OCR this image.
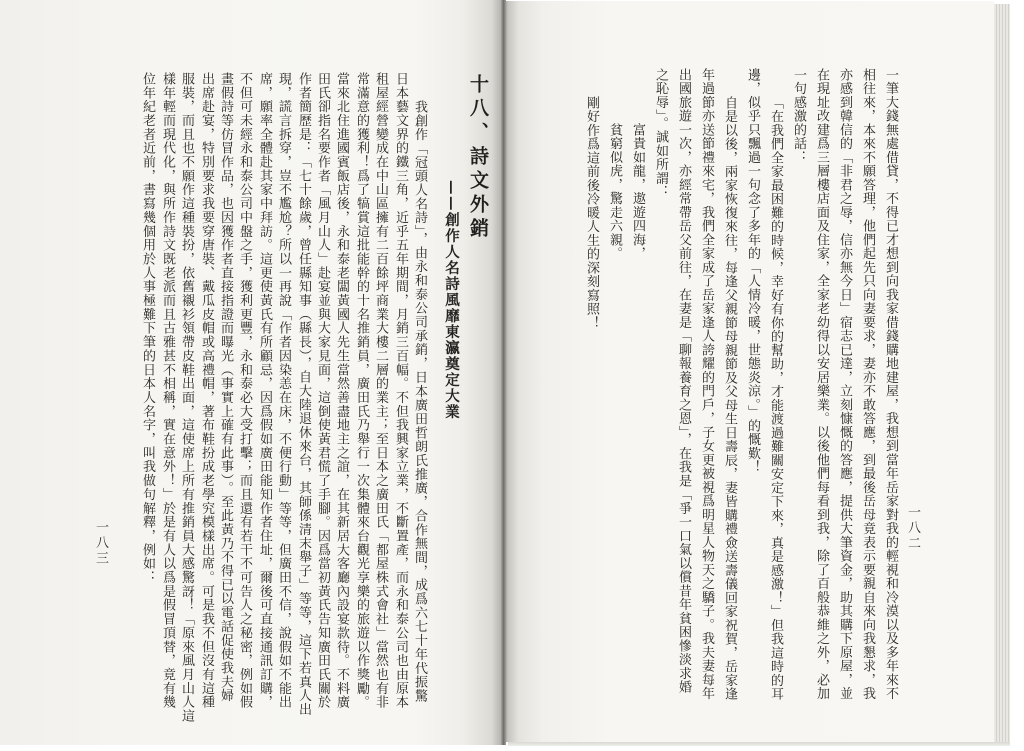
一八二
一筆大錢無處借貸，不得已才想到向我家借錢購地建屋，我想到當年岳家對我的輕視和冷漠以及多年來不
相往來，本來不願答理，他們起先只向妻要求，妻亦不敢答應，到最後岳母竟表示要親自來向我懇求，我
亦感到韓信的「非君之辱，信亦無今日」宿志已達，立刻慷慨的答應，提供大筆資金，助其購下原屋，並
在現址改建爲三層樓店面及住家，全家老幼得以安居樂業。以後他們每看到我，除了百般恭維之外，必加
一句感激的話：
「在我們全家最困難的時候，幸好有你的幫助，才能渡過難關安定下來，真是感激！」但我這時的耳
邊，似乎只飄過一句念了多年的「人情冷暖，世態炎涼。」的慨歎！
自是以後，兩家恢復來往，每逢父親節母親節及父母生日壽辰，妻皆購禮僉送壽儀回家祝賀，岳家逢
年過節亦送節禮來宅，我們全家成了岳家逢人誇耀的門戶，子女更被視爲明星人物天之驕子。我夫妻每年
出國旅遊一次，亦經常帶岳父前往，在妻是「聊報養育之恩」，在我是「爭一口氣以償昔年貧困慘淡求婚
之恥辱」。誠如所謂：
富貴如龍，遨遊四海，
貧窮似虎，驚走六親。
剛好作爲這前後冷暖人生的深刻寫照！
十八、詩文外銷
——創作人名詩風靡東瀛奠定大業
我創作「冠頭人名詩」，由永和泰公司承銷，日本廣田哲朗氏推廣，合作無間，成爲六七十年代振驚
日本藝文界的鐵三角，近乎五年期間，月銷三百幅。不但我興家立業，不斷置產，而永和泰公司也由原本
租屋經營變成在中山區擁有二百餘坪商業大樓二層的業主；至日本之廣田氏「都屋株式會社」當然也有非
常滿意的獲利！爲了犒賞這批能幹的十名推銷員，廣田氏乃舉行一次集體來台觀光享樂的旅遊以作獎勵。
當來北住進國賓飯店後，永和泰老闆黃國人先生當然善盡地主之誼，在其新居大客廳內設宴款待。不料廣
田氏卻指名要作者「風月山人」赴宴並與大家見面，這倒使黃君慌了手腳。因爲當初黃氏告知廣田氏關於
作者簡歷是：「七十餘歲，曾任縣知事（縣長），自大陸退休來台，其師係清末舉子」等等，這下若真人出
現，謊言拆穿，豈不尷尬？所以一再說「作者因染恙在床，不便行動」等等，但廣田不信，說假如不能出
席，願率全體赴其家中拜訪。這更使黃氏有所顧忌，因爲假如廣田能知作者住址，爾後可直接通訊訂購，
不但可未經永和泰公司中盤之手，獲利更豐，永和泰必大受打擊；而且還有若干不可告人之秘密，例如假
畫假詩等仿冒作品，也因獲作者直接指證而曝光（事實上確有此事）。至此黃乃不得已以電話促使我夫婦
出席赴宴，特別要求我要穿唐裝、戴瓜皮帽或高禮帽，著布鞋扮成老學究模樣出席。可是我不但沒有這種
服裝，而且也不願作這種裝扮，依舊襯衫領帶皮鞋出面，這使席上所有推銷員大感驚訝！「原來風月山人這
樣年輕而現代化，與所作詩文既老派而且古雅甚不相稱，實在意外！」於是有人以爲是假冒頂替，竟有幾
位年紀老者近前，書寫幾個用於人事極難下筆的日本人名字，叫我做句解釋，例如：
一八三
